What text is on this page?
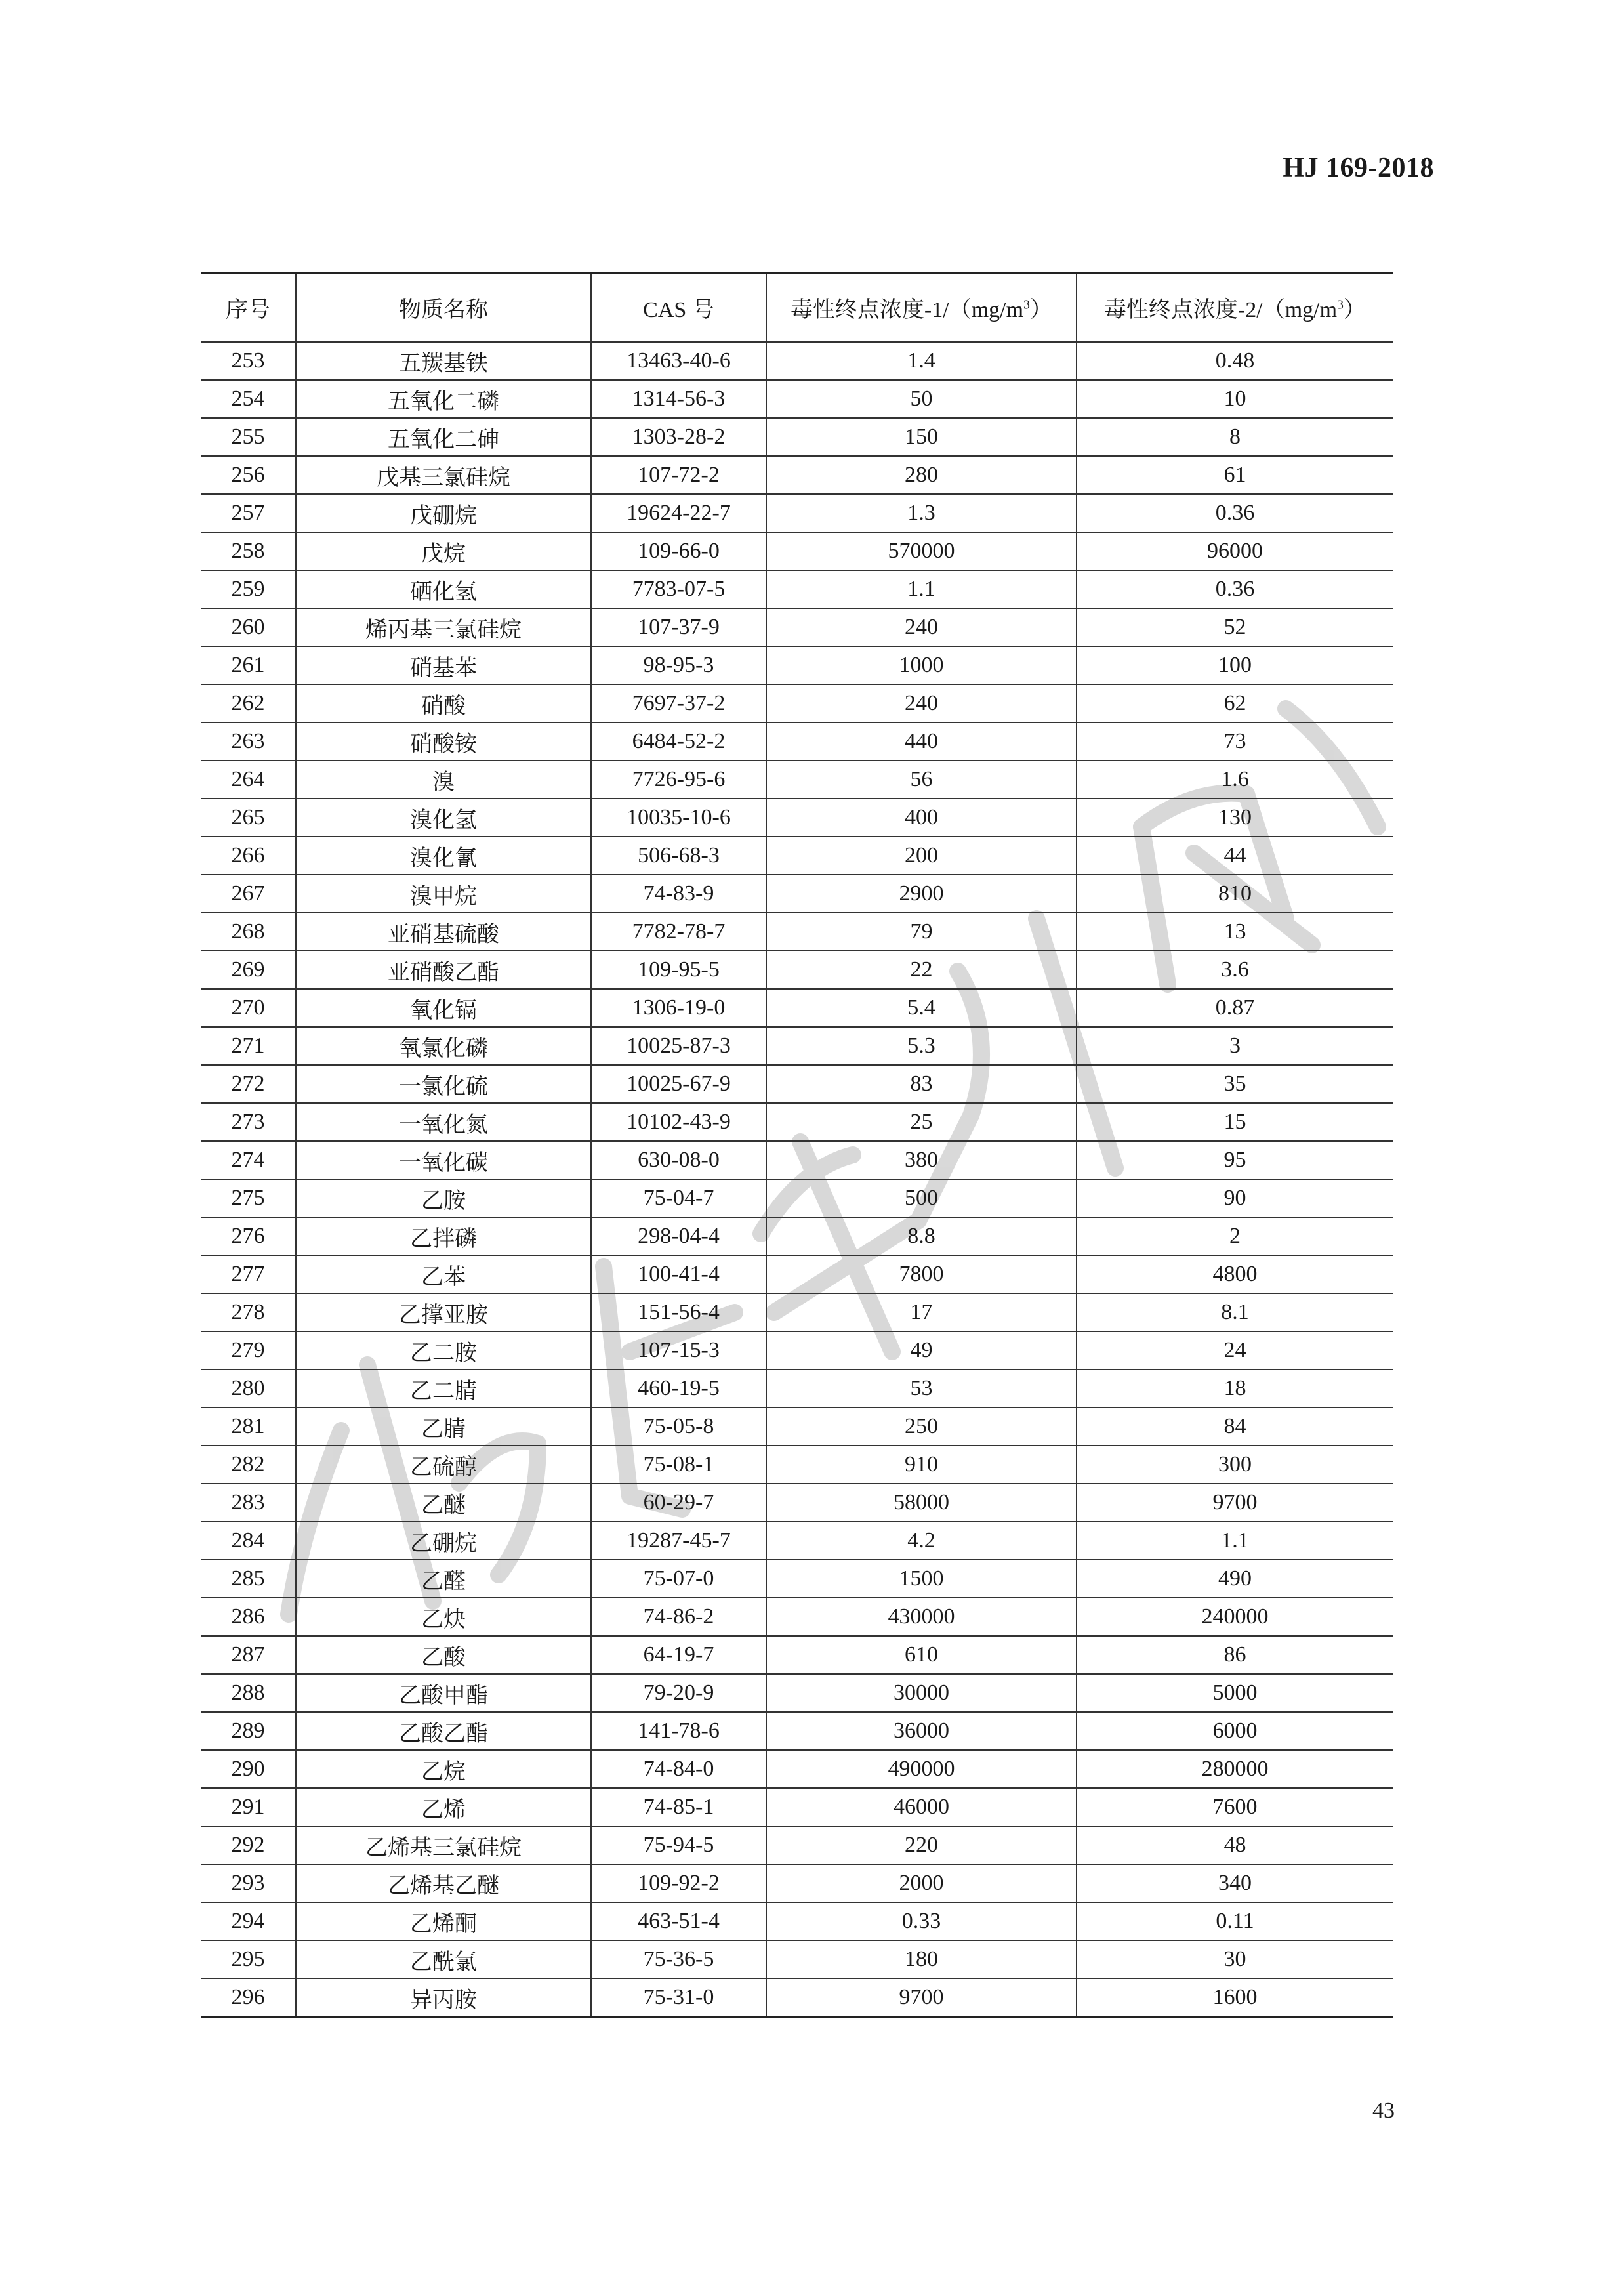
HJ 169-2018
序号	物质名称	CAS 号	毒性终点浓度$-1/(mg/m^3)$	毒性终点浓度$-2/(mg/m^3)$
253	五羰基铁	13463-40-6	1.4	0.48
254	五氧化二磷	1314-56-3	50	10
255	五氧化二砷	1303-28-2	150	8
256	戊基三氯硅烷	107-72-2	280	61
257	戊硼烷	19624-22-7	1.3	0.36
258	戊烷	109-66-0	570000	96000
259	硒化氢	7783-07-5	1.1	0.36
260	烯丙基三氯硅烷	107-37-9	240	52
261	硝基苯	98-95-3	1000	100
262	硝酸	7697-37-2	240	62
263	硝酸铵	6484-52-2	440	73
264	溴	7726-95-6	56	1.6
265	溴化氢	10035-10-6	400	130
266	溴化氰	506-68-3	200	44
267	溴甲烷	74-83-9	2900	810
268	亚硝基硫酸	7782-78-7	79	13
269	亚硝酸乙酯	109-95-5	22	3.6
270	氧化镉	1306-19-0	5.4	0.87
271	氧氯化磷	10025-87-3	5.3	3
272	一氯化硫	10025-67-9	83	35
273	一氧化氮	10102-43-9	25	15
274	一氧化碳	630-08-0	380	95
275	乙胺	75-04-7	500	90
276	乙拌磷	298-04-4	8.8	2
277	乙苯	100-41-4	7800	4800
278	乙撑亚胺	151-56-4	17	8.1
279	乙二胺	107-15-3	49	24
280	乙二腈	460-19-5	53	18
281	乙腈	75-05-8	250	84
282	乙硫醇	75-08-1	910	300
283	乙醚	60-29-7	58000	9700
284	乙硼烷	19287-45-7	4.2	1.1
285	乙醛	75-07-0	1500	490
286	乙炔	74-86-2	430000	240000
287	乙酸	64-19-7	610	86
288	乙酸甲酯	79-20-9	30000	5000
289	乙酸乙酯	141-78-6	36000	6000
290	乙烷	74-84-0	490000	280000
291	乙烯	74-85-1	46000	7600
292	乙烯基三氯硅烷	75-94-5	220	48
293	乙烯基乙醚	109-92-2	2000	340
294	乙烯酮	463-51-4	0.33	0.11
295	乙酰氯	75-36-5	180	30
296	异丙胺	75-31-0	9700	1600
43
